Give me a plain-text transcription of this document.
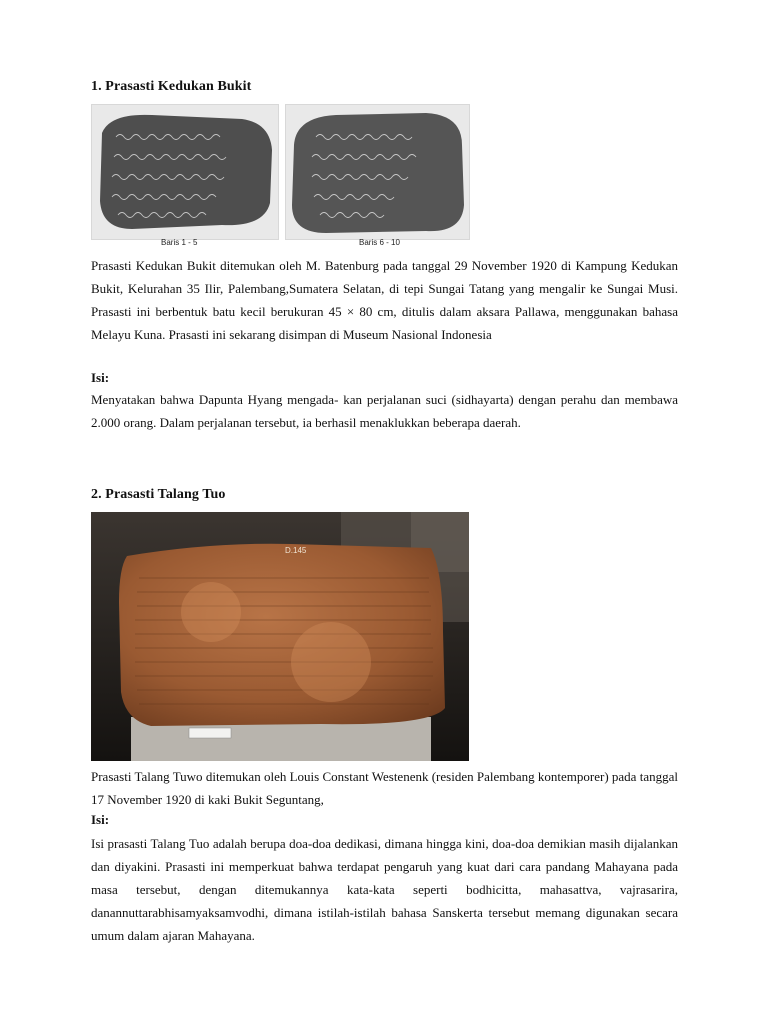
1. Prasasti Kedukan Bukit
Baris 1 - 5	Baris 6 - 10

Prasasti Kedukan Bukit ditemukan oleh M. Batenburg pada tanggal 29 November 1920 di Kampung Kedukan Bukit, Kelurahan 35 Ilir, Palembang,Sumatera Selatan, di tepi Sungai Tatang yang mengalir ke Sungai Musi. Prasasti ini berbentuk batu kecil berukuran 45 × 80 cm, ditulis dalam aksara Pallawa, menggunakan bahasa Melayu Kuna. Prasasti ini sekarang disimpan di Museum Nasional Indonesia

Isi:

Menyatakan bahwa Dapunta Hyang mengada- kan perjalanan suci (sidhayarta) dengan perahu dan membawa 2.000 orang. Dalam perjalanan tersebut, ia berhasil menaklukkan beberapa daerah.

2. Prasasti Talang Tuo
D.145

Prasasti Talang Tuwo ditemukan oleh Louis Constant Westenenk (residen Palembang kontemporer) pada tanggal 17 November 1920 di kaki Bukit Seguntang,

Isi:

Isi prasasti Talang Tuo adalah berupa doa-doa dedikasi, dimana hingga kini, doa-doa demikian masih dijalankan dan diyakini. Prasasti ini memperkuat bahwa terdapat pengaruh yang kuat dari cara pandang Mahayana pada masa tersebut, dengan ditemukannya kata-kata seperti bodhicitta, mahasattva, vajrasarira, danannuttarabhisamyaksamvodhi, dimana istilah-istilah bahasa Sanskerta tersebut memang digunakan secara umum dalam ajaran Mahayana.
